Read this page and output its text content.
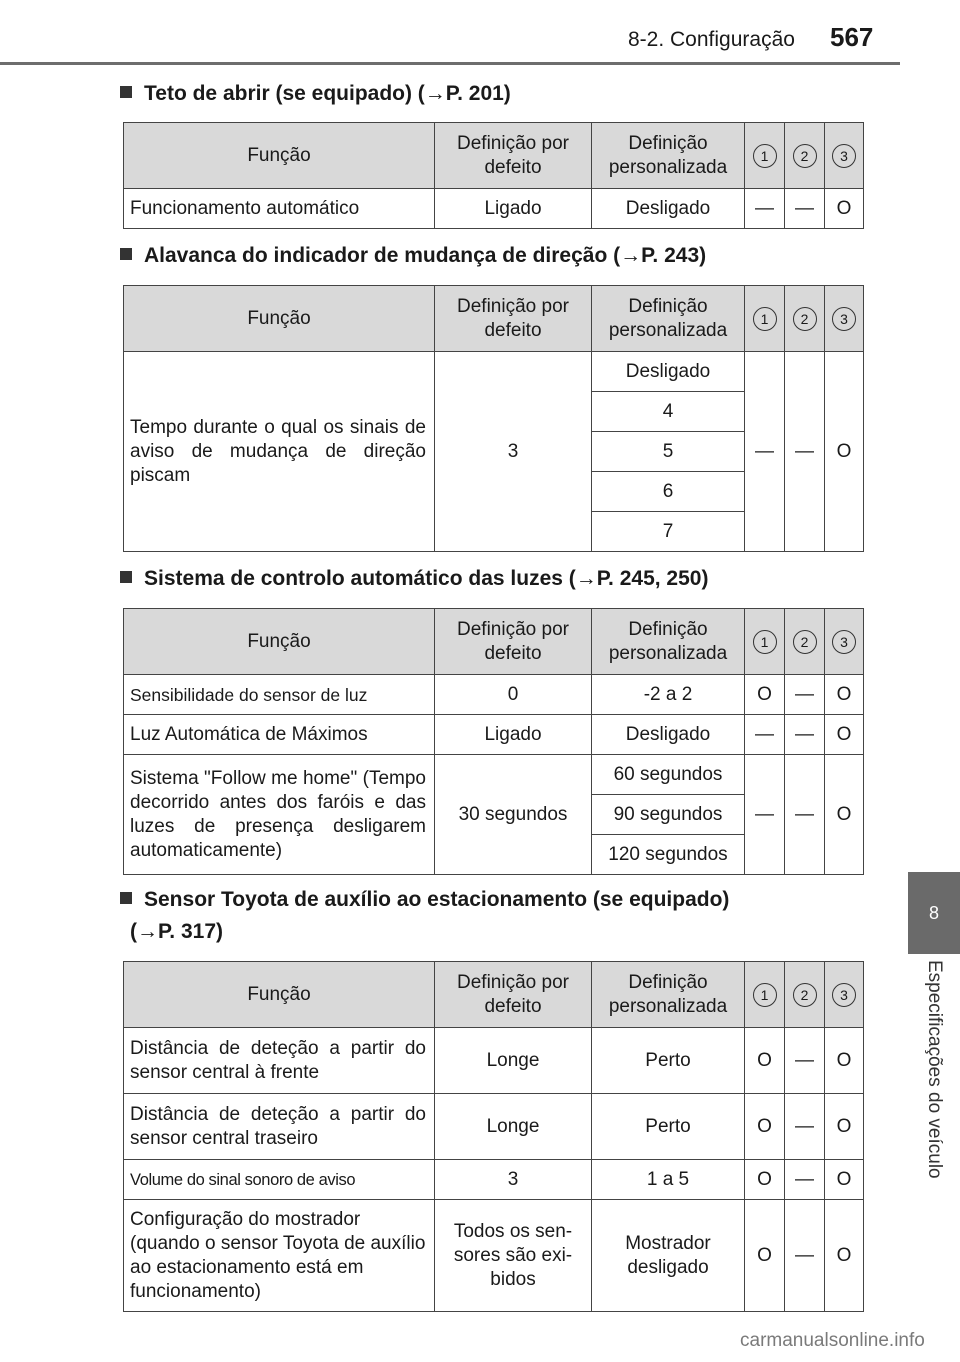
8-2. Configuração 567
8
Especificações do veículo
Teto de abrir (se equipado) (→P. 201)
Função	Definição por defeito	Definição personalizada	1	2	3
Funcionamento automático	Ligado	Desligado	—	—	O
Alavanca do indicador de mudança de direção (→P. 243)
Função	Definição por defeito	Definição personalizada	1	2	3
Tempo durante o qual os sinais de aviso de mudança de direção piscam	3	Desligado	—	—	O
		4			
		5			
		6			
		7			
Sistema de controlo automático das luzes (→P. 245, 250)
Função	Definição por defeito	Definição personalizada	1	2	3
Sensibilidade do sensor de luz	0	-2 a 2	O	—	O
Luz Automática de Máximos	Ligado	Desligado	—	—	O
Sistema "Follow me home" (Tempo decorrido antes dos faróis e das luzes de presença desligarem automaticamente)	30 segundos	60 segundos	—	—	O
		90 segundos			
		120 segundos			
Sensor Toyota de auxílio ao estacionamento (se equipado)
(→P. 317)
Função	Definição por defeito	Definição personalizada	1	2	3
Distância de deteção a partir do sensor central à frente	Longe	Perto	O	—	O
Distância de deteção a partir do sensor central traseiro	Longe	Perto	O	—	O
Volume do sinal sonoro de aviso	3	1 a 5	O	—	O
Configuração do mostrador (quando o sensor Toyota de auxílio ao estacionamento está em funcionamento)	Todos os sen-sores são exi-bidos	Mostrador desligado	O	—	O
carmanualsonline.info
